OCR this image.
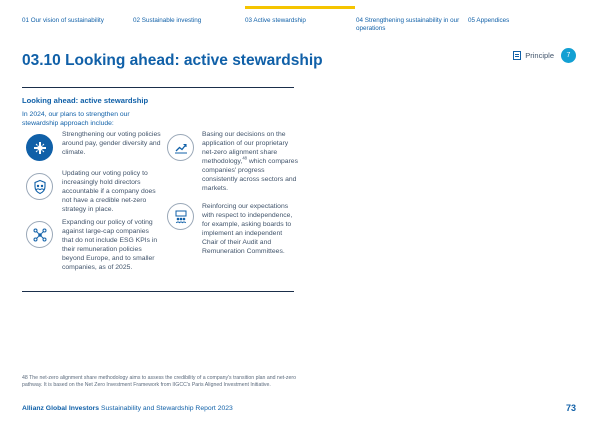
01 Our vision of sustainability	02 Sustainable investing	03 Active stewardship	04 Strengthening sustainability in our operations
05 Appendices
03.10 Looking ahead: active stewardship	Principle	7
Looking ahead: active stewardship
In 2024, our plans to strengthen our stewardship approach include:
Strengthening our voting policies around pay, gender diversity and climate.
Updating our voting policy to increasingly hold directors accountable if a company does not have a credible net-zero strategy in place.
Expanding our policy of voting against large-cap companies that do not include ESG KPIs in their remuneration policies beyond Europe, and to smaller companies, as of 2025.
Basing our decisions on the application of our proprietary net-zero alignment share methodology,$^{48}$ which compares companies' progress consistently across sectors and markets.
Reinforcing our expectations with respect to independence, for example, asking boards to implement an independent Chair of their Audit and Remuneration Committees.
48 The net-zero alignment share methodology aims to assess the credibility of a company's transition plan and net-zero pathway. It is based on the Net Zero Investment Framework from IIGCC's Paris Aligned Investment Initiative.
Allianz Global Investors Sustainability and Stewardship Report 2023	73
